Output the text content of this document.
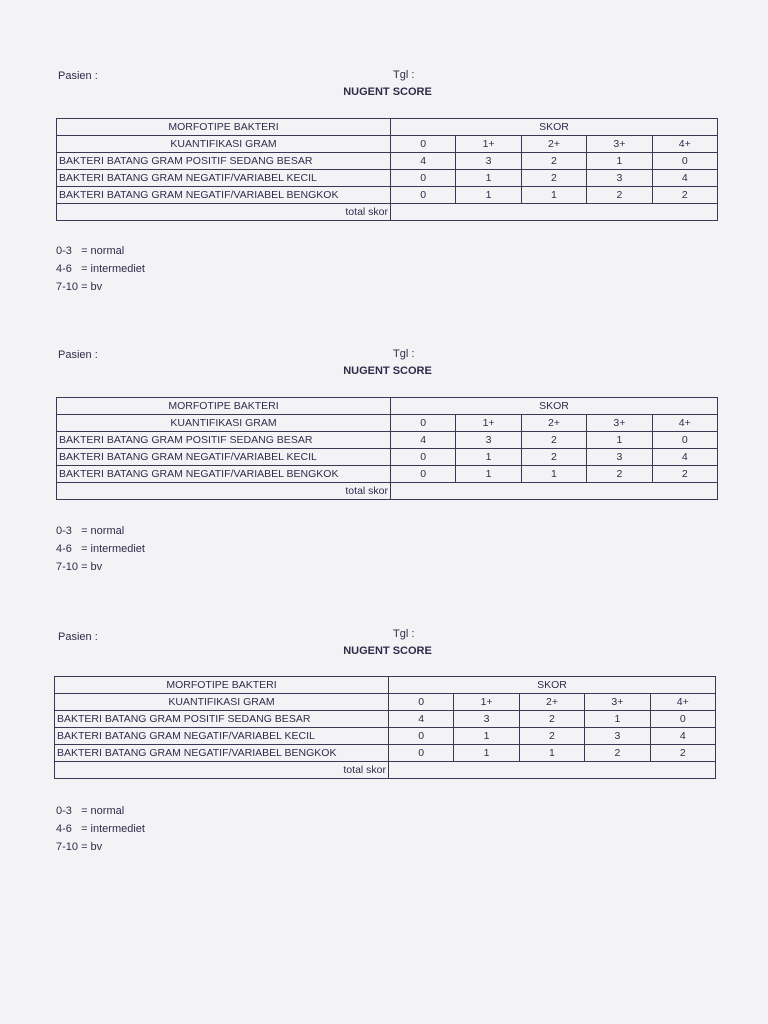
Pasien :	Tgl :
NUGENT SCORE
MORFOTIPE BAKTERI	SKOR				
KUANTIFIKASI GRAM	0	1+	2+	3+	4+
BAKTERI BATANG GRAM POSITIF SEDANG BESAR	4	3	2	1	0
BAKTERI BATANG GRAM NEGATIF/VARIABEL KECIL	0	1	2	3	4
BAKTERI BATANG GRAM NEGATIF/VARIABEL BENGKOK	0	1	1	2	2
total skor					
0-3   = normal
4-6   = intermediet
7-10 = bv
Pasien :	Tgl :
NUGENT SCORE
MORFOTIPE BAKTERI	SKOR				
KUANTIFIKASI GRAM	0	1+	2+	3+	4+
BAKTERI BATANG GRAM POSITIF SEDANG BESAR	4	3	2	1	0
BAKTERI BATANG GRAM NEGATIF/VARIABEL KECIL	0	1	2	3	4
BAKTERI BATANG GRAM NEGATIF/VARIABEL BENGKOK	0	1	1	2	2
total skor					
0-3   = normal
4-6   = intermediet
7-10 = bv
Pasien :	Tgl :
NUGENT SCORE
MORFOTIPE BAKTERI	SKOR				
KUANTIFIKASI GRAM	0	1+	2+	3+	4+
BAKTERI BATANG GRAM POSITIF SEDANG BESAR	4	3	2	1	0
BAKTERI BATANG GRAM NEGATIF/VARIABEL KECIL	0	1	2	3	4
BAKTERI BATANG GRAM NEGATIF/VARIABEL BENGKOK	0	1	1	2	2
total skor					
0-3   = normal
4-6   = intermediet
7-10 = bv
